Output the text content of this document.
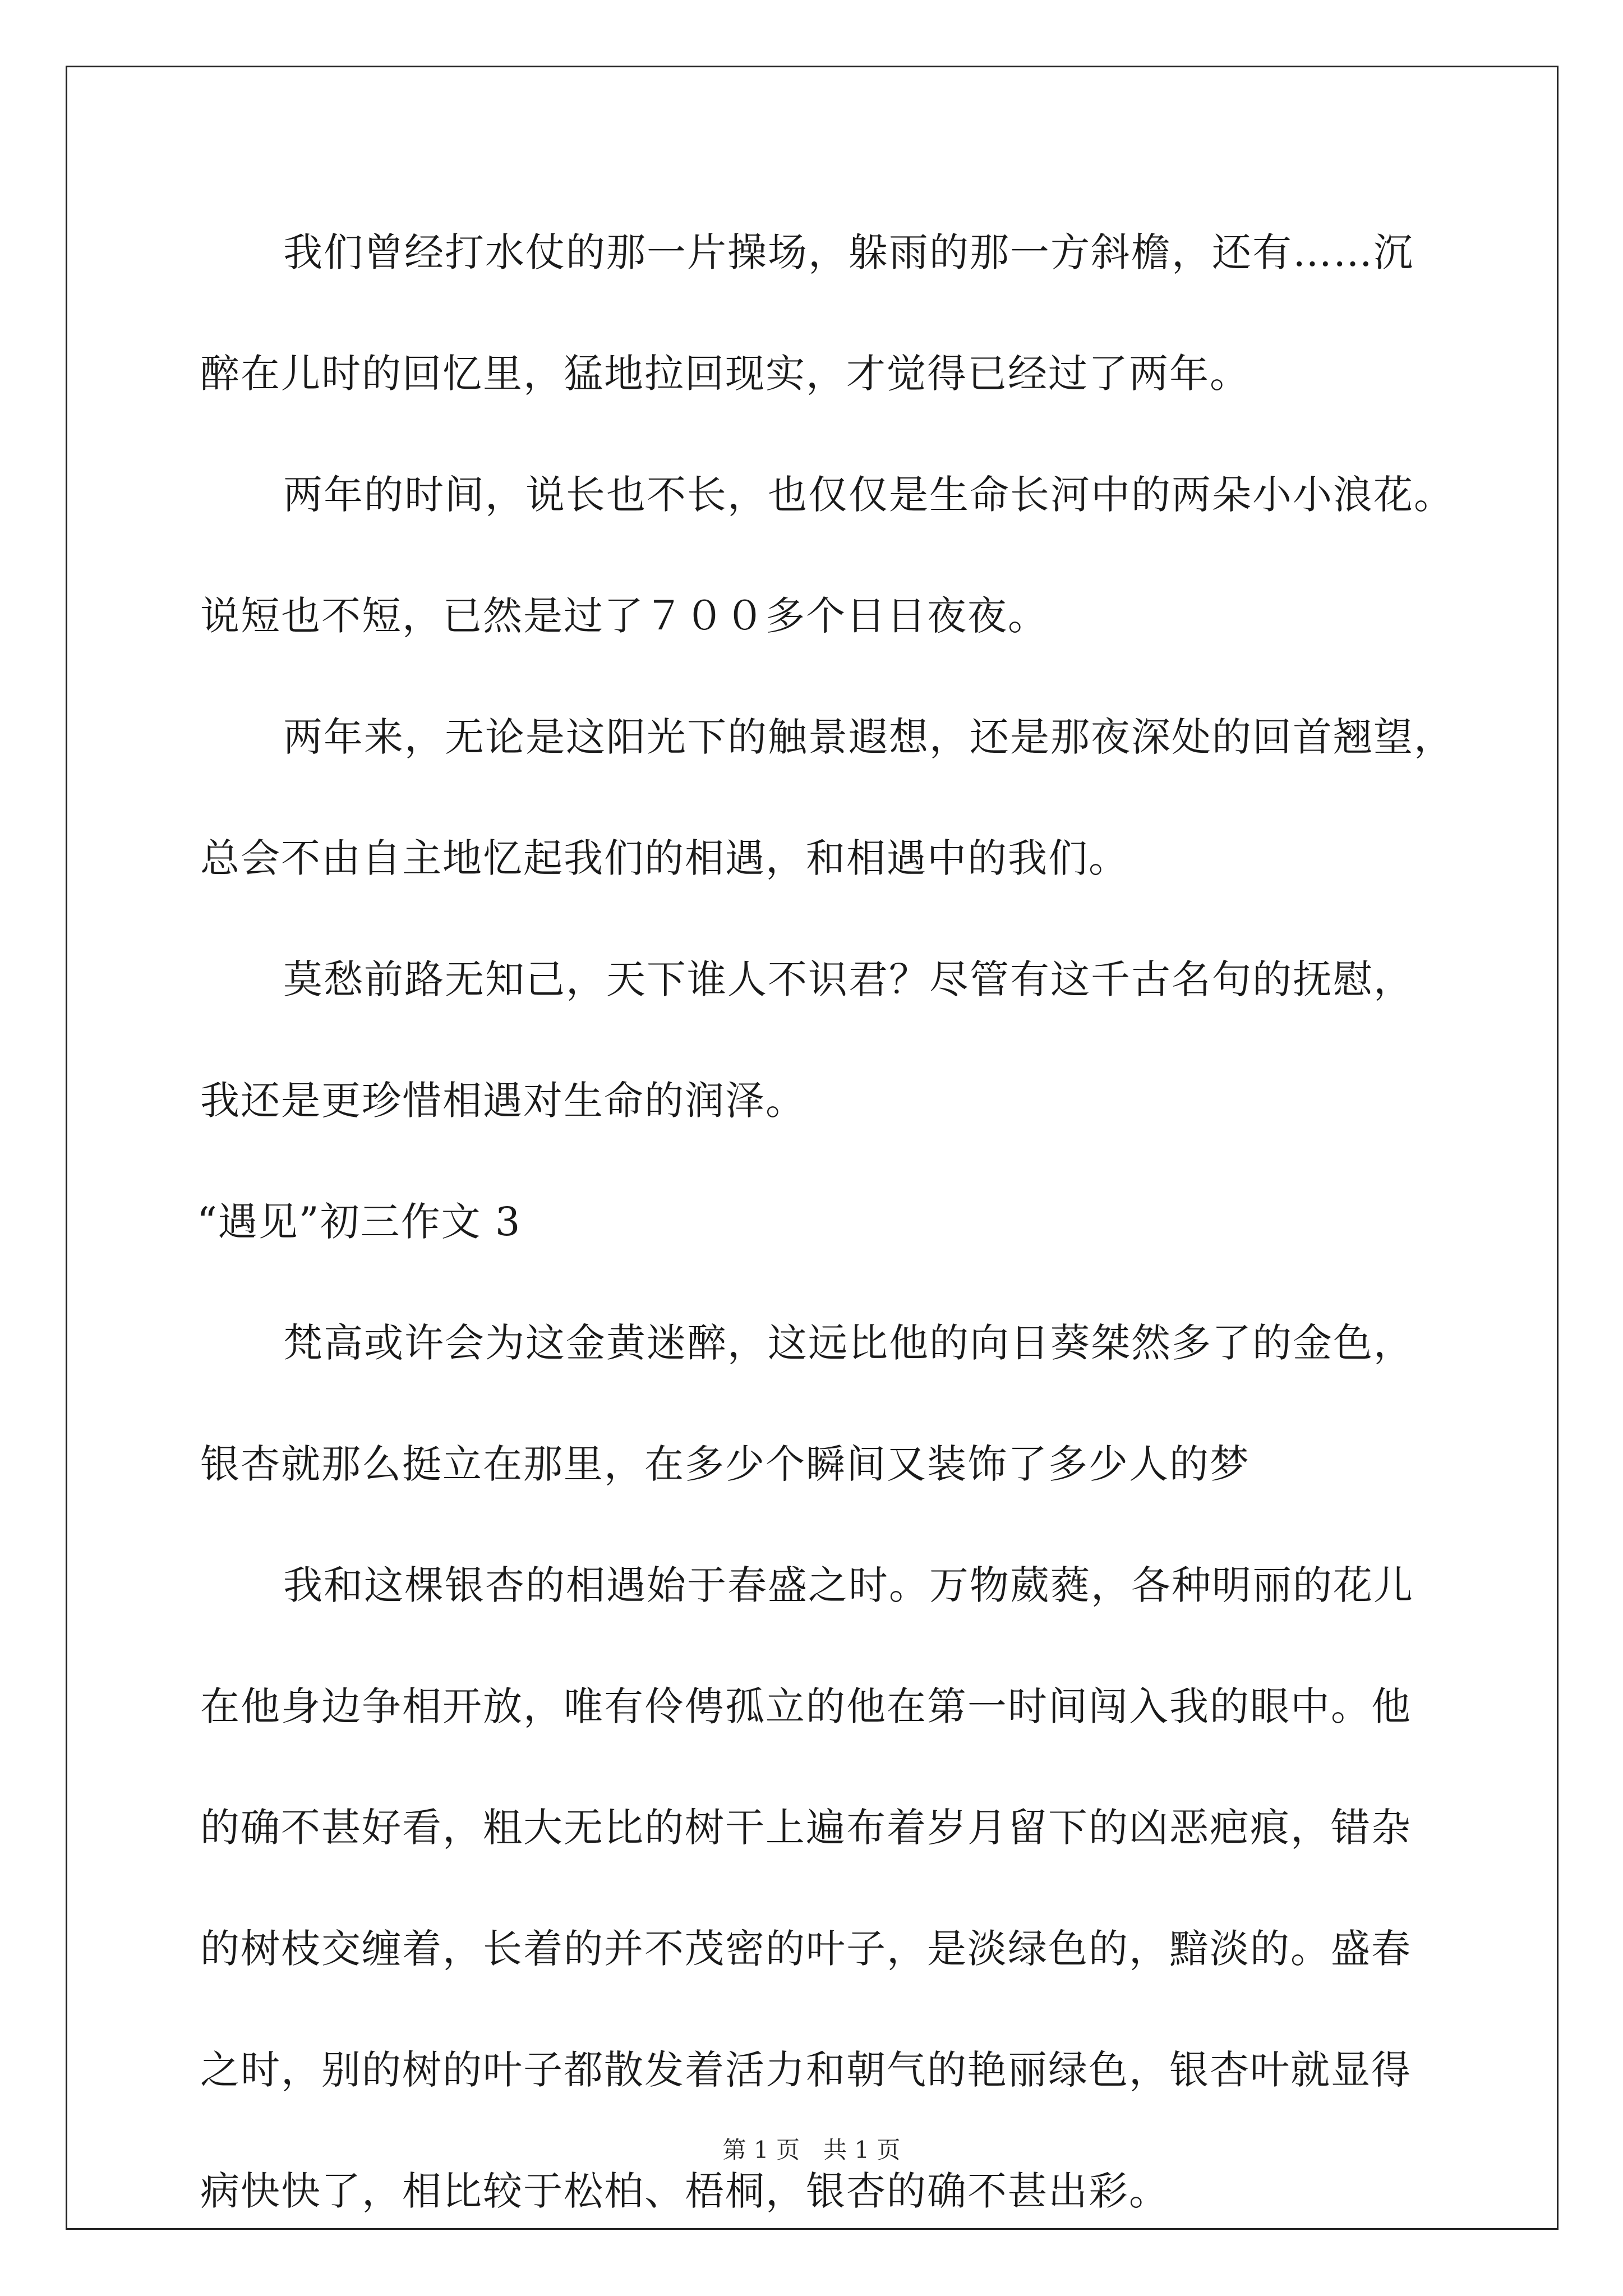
我们曾经打水仗的那一片操场，躲雨的那一方斜檐，还有……沉
醉在儿时的回忆里，猛地拉回现实，才觉得已经过了两年。
两年的时间，说长也不长，也仅仅是生命长河中的两朵小小浪花。
说短也不短，已然是过了７００多个日日夜夜。
两年来，无论是这阳光下的触景遐想，还是那夜深处的回首翘望，
总会不由自主地忆起我们的相遇，和相遇中的我们。
莫愁前路无知己，天下谁人不识君？尽管有这千古名句的抚慰，
我还是更珍惜相遇对生命的润泽。
“遇见”初三作文 3
梵高或许会为这金黄迷醉，这远比他的向日葵桀然多了的金色，
银杏就那么挺立在那里，在多少个瞬间又装饰了多少人的梦
我和这棵银杏的相遇始于春盛之时。万物葳蕤，各种明丽的花儿
在他身边争相开放，唯有伶俜孤立的他在第一时间闯入我的眼中。他
的确不甚好看，粗大无比的树干上遍布着岁月留下的凶恶疤痕，错杂
的树枝交缠着，长着的并不茂密的叶子，是淡绿色的，黯淡的。盛春
之时，别的树的叶子都散发着活力和朝气的艳丽绿色，银杏叶就显得
病快快了，相比较于松柏、梧桐，银杏的确不甚出彩。
第 1 页　共 1 页
